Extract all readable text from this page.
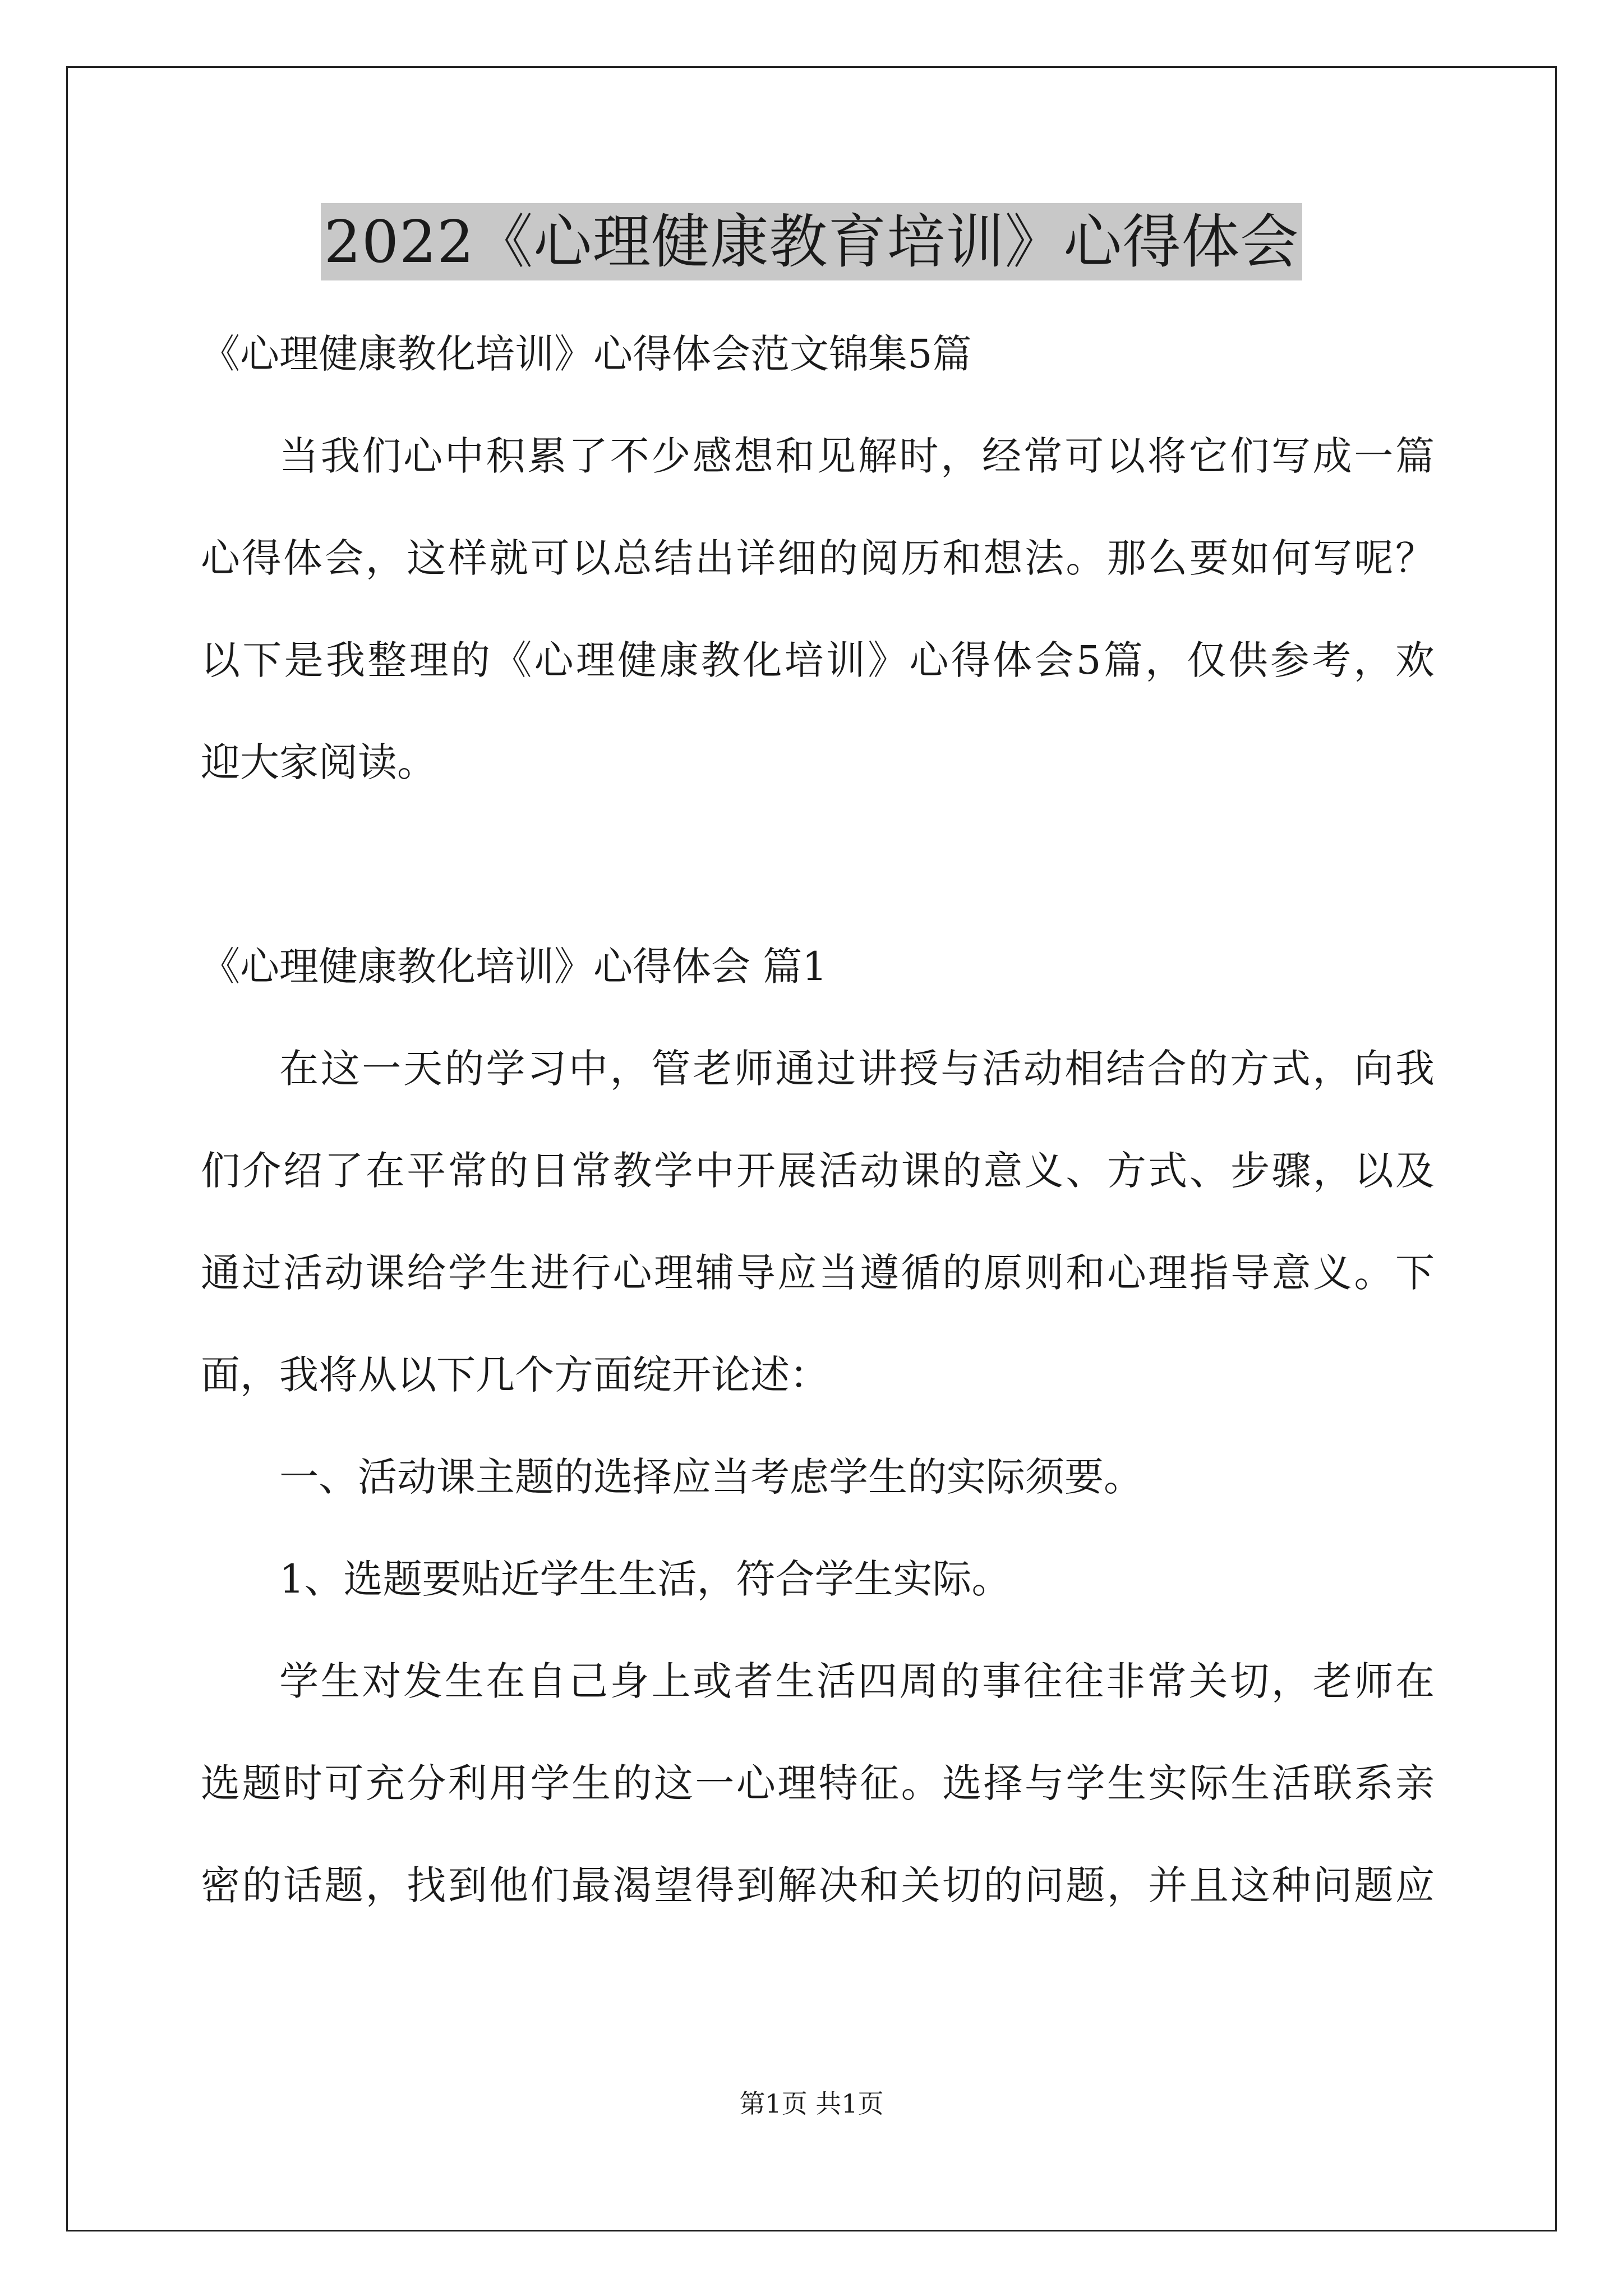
2022《心理健康教育培训》心得体会

《心理健康教化培训》心得体会范文锦集5篇

当我们心中积累了不少感想和见解时，经常可以将它们写成一篇

心得体会，这样就可以总结出详细的阅历和想法。那么要如何写呢？

以下是我整理的《心理健康教化培训》心得体会5篇，仅供参考，欢

迎大家阅读。

《心理健康教化培训》心得体会 篇1

在这一天的学习中，管老师通过讲授与活动相结合的方式，向我

们介绍了在平常的日常教学中开展活动课的意义、方式、步骤，以及

通过活动课给学生进行心理辅导应当遵循的原则和心理指导意义。下

面，我将从以下几个方面绽开论述：

一、活动课主题的选择应当考虑学生的实际须要。

1、选题要贴近学生生活，符合学生实际。

学生对发生在自己身上或者生活四周的事往往非常关切，老师在

选题时可充分利用学生的这一心理特征。选择与学生实际生活联系亲

密的话题，找到他们最渴望得到解决和关切的问题，并且这种问题应

第1页 共1页
